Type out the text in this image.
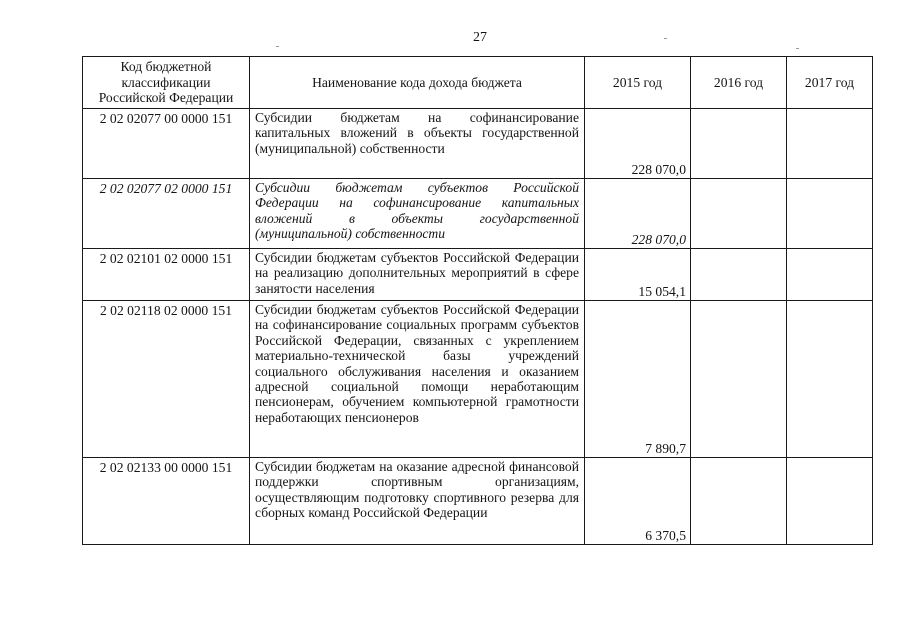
27
Код бюджетной классификации Российской Федерации	Наименование кода дохода бюджета	2015 год	2016 год	2017 год
2 02 02077 00 0000 151	Субсидии бюджетам на софинансирование капитальных вложений в объекты государственной (муниципальной) собственности	228 070,0		
2 02 02077 02 0000 151	Субсидии бюджетам субъектов Российской Федерации на софинансирование капитальных вложений в объекты государственной (муниципальной) собственности	228 070,0		
2 02 02101 02 0000 151	Субсидии бюджетам субъектов Российской Федерации на реализацию дополнительных мероприятий в сфере занятости населения	15 054,1		
2 02 02118 02 0000 151	Субсидии бюджетам субъектов Российской Федерации на софинансирование социальных программ субъектов Российской Федерации, связанных с укреплением материально-технической базы учреждений социального обслуживания населения и оказанием адресной социальной помощи неработающим пенсионерам, обучением компьютерной грамотности неработающих пенсионеров	7 890,7		
2 02 02133 00 0000 151	Субсидии бюджетам на оказание адресной финансовой поддержки спортивным организациям, осуществляющим подготовку спортивного резерва для сборных команд Российской Федерации	6 370,5		
